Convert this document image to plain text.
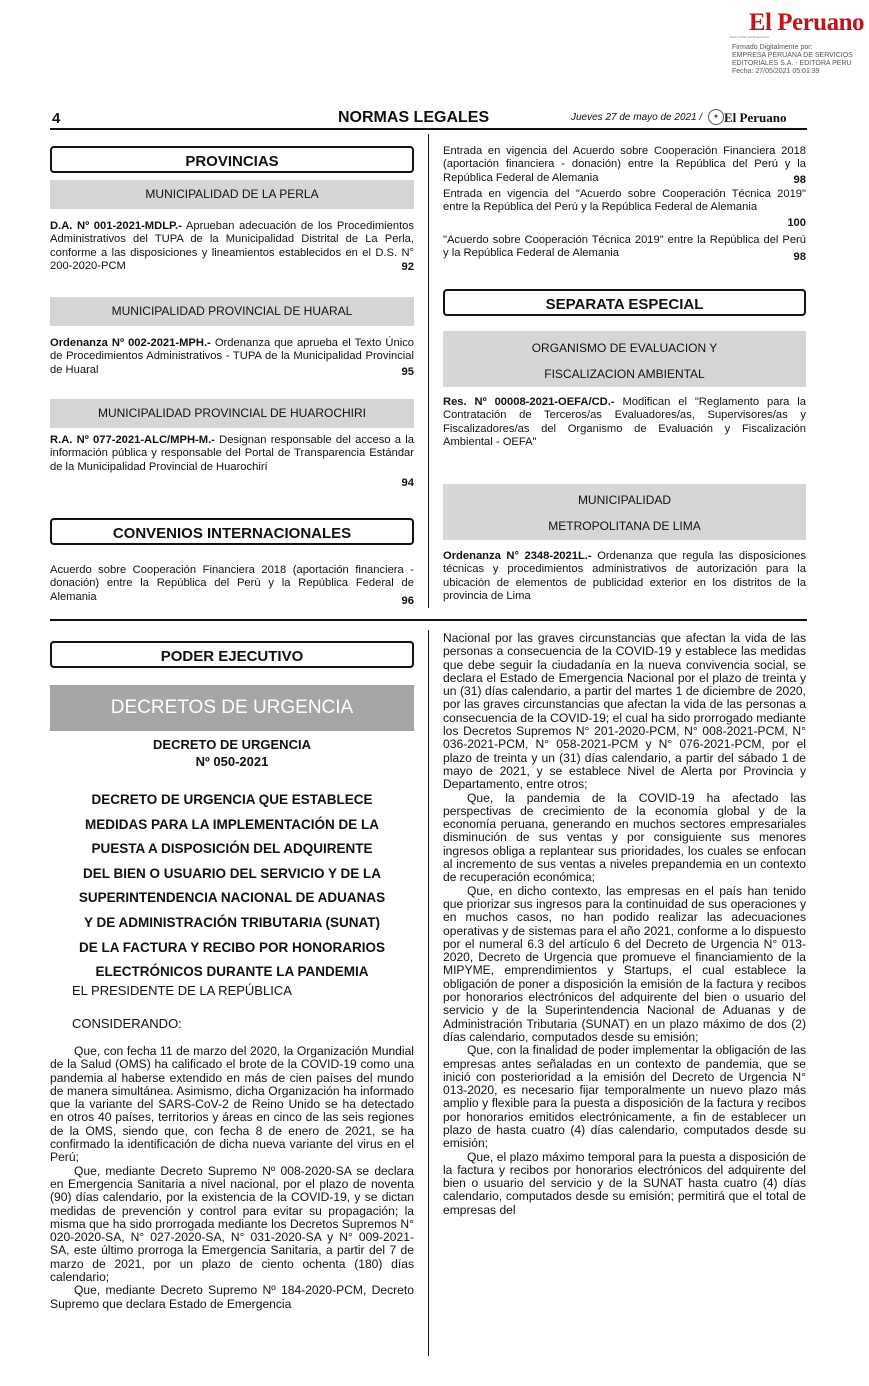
El Peruano
Diario Oficial del Bicentenario
Firmado Digitalmente por:
EMPRESA PERUANA DE SERVICIOS
EDITORIALES S.A. - EDITORA PERU
Fecha: 27/05/2021 05:01:39
4	NORMAS LEGALES	Jueves 27 de mayo de 2021 /	✦ El Peruano
PROVINCIAS
MUNICIPALIDAD DE LA PERLA
D.A. Nº 001-2021-MDLP.- Aprueban adecuación de los Procedimientos Administrativos del TUPA de la Municipalidad Distrital de La Perla, conforme a las disposiciones y lineamientos establecidos en el D.S. N° 200-2020-PCM	92
MUNICIPALIDAD PROVINCIAL DE HUARAL
Ordenanza Nº 002-2021-MPH.- Ordenanza que aprueba el Texto Único de Procedimientos Administrativos - TUPA de la Municipalidad Provincial de Huaral	95
MUNICIPALIDAD PROVINCIAL DE HUAROCHIRI
R.A. Nº 077-2021-ALC/MPH-M.- Designan responsable del acceso a la información pública y responsable del Portal de Transparencia Estándar de la Municipalidad Provincial de Huarochirí
94
CONVENIOS INTERNACIONALES
Acuerdo sobre Cooperación Financiera 2018 (aportación financiera - donación) entre la República del Perú y la República Federal de Alemania	96
Entrada en vigencia del Acuerdo sobre Cooperación Financiera 2018 (aportación financiera - donación) entre la República del Perú y la República Federal de Alemania	98
Entrada en vigencia del "Acuerdo sobre Cooperación Técnica 2019" entre la República del Perú y la República Federal de Alemania
100
"Acuerdo sobre Cooperación Técnica 2019" entre la República del Perú y la República Federal de Alemania	98
SEPARATA ESPECIAL
ORGANISMO DE EVALUACION Y
FISCALIZACION AMBIENTAL
Res. Nº 00008-2021-OEFA/CD.- Modifican el "Reglamento para la Contratación de Terceros/as Evaluadores/as, Supervisores/as y Fiscalizadores/as del Organismo de Evaluación y Fiscalización Ambiental - OEFA"
MUNICIPALIDAD
METROPOLITANA DE LIMA
Ordenanza N° 2348-2021L.- Ordenanza que regula las disposiciones técnicas y procedimientos administrativos de autorización para la ubicación de elementos de publicidad exterior en los distritos de la provincia de Lima
PODER EJECUTIVO
DECRETOS DE URGENCIA
DECRETO DE URGENCIA
Nº 050-2021
DECRETO DE URGENCIA QUE ESTABLECE
MEDIDAS PARA LA IMPLEMENTACIÓN DE LA
PUESTA A DISPOSICIÓN DEL ADQUIRENTE
DEL BIEN O USUARIO DEL SERVICIO Y DE LA
SUPERINTENDENCIA NACIONAL DE ADUANAS
Y DE ADMINISTRACIÓN TRIBUTARIA (SUNAT)
DE LA FACTURA Y RECIBO POR HONORARIOS
ELECTRÓNICOS DURANTE LA PANDEMIA
EL PRESIDENTE DE LA REPÚBLICA
CONSIDERANDO:

Que, con fecha 11 de marzo del 2020, la Organización Mundial de la Salud (OMS) ha calificado el brote de la COVID-19 como una pandemia al haberse extendido en más de cien países del mundo de manera simultánea. Asimismo, dicha Organización ha informado que la variante del SARS-CoV-2 de Reino Unido se ha detectado en otros 40 países, territorios y áreas en cinco de las seis regiones de la OMS, siendo que, con fecha 8 de enero de 2021, se ha confirmado la identificación de dicha nueva variante del virus en el Perú;

Que, mediante Decreto Supremo Nº 008-2020-SA se declara en Emergencia Sanitaria a nivel nacional, por el plazo de noventa (90) días calendario, por la existencia de la COVID-19, y se dictan medidas de prevención y control para evitar su propagación; la misma que ha sido prorrogada mediante los Decretos Supremos N° 020-2020-SA, N° 027-2020-SA, N° 031-2020-SA y N° 009-2021-SA, este último prorroga la Emergencia Sanitaria, a partir del 7 de marzo de 2021, por un plazo de ciento ochenta (180) días calendario;

Que, mediante Decreto Supremo Nº 184-2020-PCM, Decreto Supremo que declara Estado de Emergencia

Nacional por las graves circunstancias que afectan la vida de las personas a consecuencia de la COVID-19 y establece las medidas que debe seguir la ciudadanía en la nueva convivencia social, se declara el Estado de Emergencia Nacional por el plazo de treinta y un (31) días calendario, a partir del martes 1 de diciembre de 2020, por las graves circunstancias que afectan la vida de las personas a consecuencia de la COVID-19; el cual ha sido prorrogado mediante los Decretos Supremos N° 201-2020-PCM, N° 008-2021-PCM, N° 036-2021-PCM, N° 058-2021-PCM y N° 076-2021-PCM, por el plazo de treinta y un (31) días calendario, a partir del sábado 1 de mayo de 2021, y se establece Nivel de Alerta por Provincia y Departamento, entre otros;

Que, la pandemia de la COVID-19 ha afectado las perspectivas de crecimiento de la economía global y de la economía peruana, generando en muchos sectores empresariales disminución de sus ventas y por consiguiente sus menores ingresos obliga a replantear sus prioridades, los cuales se enfocan al incremento de sus ventas a niveles prepandemia en un contexto de recuperación económica;

Que, en dicho contexto, las empresas en el país han tenido que priorizar sus ingresos para la continuidad de sus operaciones y en muchos casos, no han podido realizar las adecuaciones operativas y de sistemas para el año 2021, conforme a lo dispuesto por el numeral 6.3 del artículo 6 del Decreto de Urgencia N° 013-2020, Decreto de Urgencia que promueve el financiamiento de la MIPYME, emprendimientos y Startups, el cual establece la obligación de poner a disposición la emisión de la factura y recibos por honorarios electrónicos del adquirente del bien o usuario del servicio y de la Superintendencia Nacional de Aduanas y de Administración Tributaria (SUNAT) en un plazo máximo de dos (2) días calendario, computados desde su emisión;

Que, con la finalidad de poder implementar la obligación de las empresas antes señaladas en un contexto de pandemia, que se inició con posterioridad a la emisión del Decreto de Urgencia N° 013-2020, es necesario fijar temporalmente un nuevo plazo más amplio y flexible para la puesta a disposición de la factura y recibos por honorarios emitidos electrónicamente, a fin de establecer un plazo de hasta cuatro (4) días calendario, computados desde su emisión;

Que, el plazo máximo temporal para la puesta a disposición de la factura y recibos por honorarios electrónicos del adquirente del bien o usuario del servicio y de la SUNAT hasta cuatro (4) días calendario, computados desde su emisión; permitirá que el total de empresas del
